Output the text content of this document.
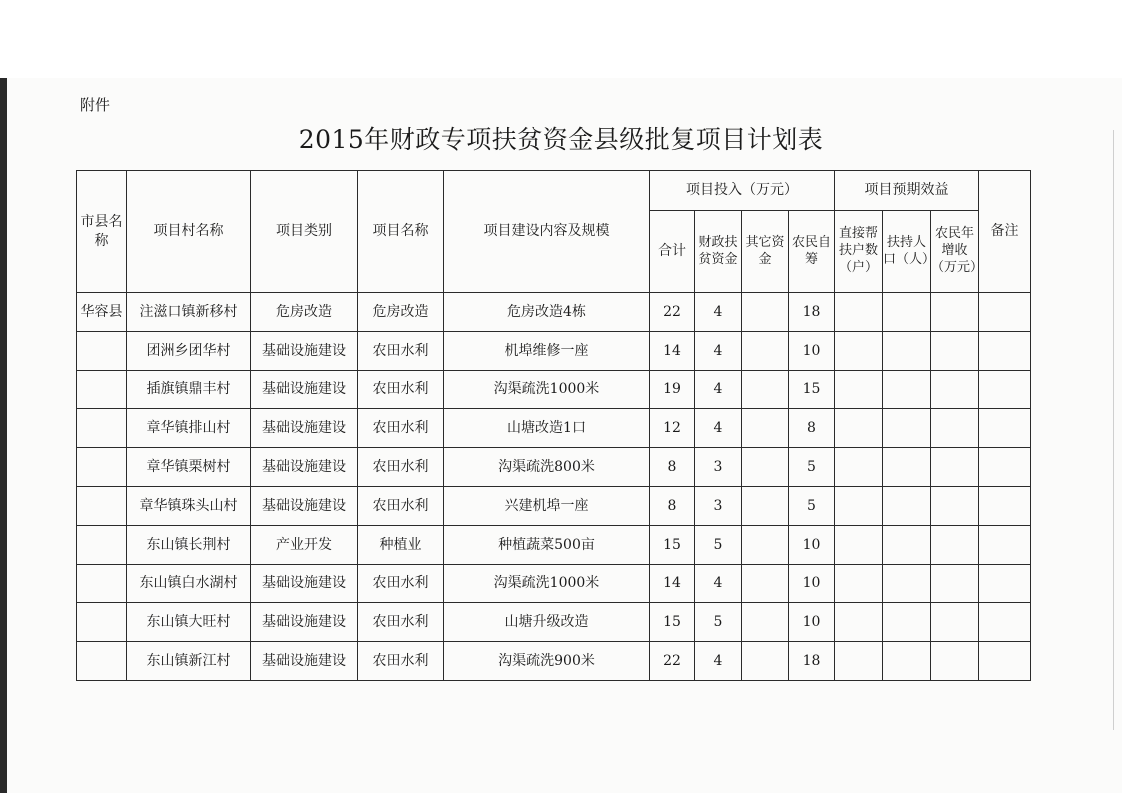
附件
2015年财政专项扶贫资金县级批复项目计划表
市县名称	项目村名称	项目类别	项目名称	项目建设内容及规模	项目投入（万元）				项目预期效益			备注
					合计	财政扶贫资金	其它资金	农民自筹	直接帮扶户数（户）	扶持人口（人）	农民年增收（万元）	
华容县	注滋口镇新移村	危房改造	危房改造	危房改造4栋	22	4		18				
	团洲乡团华村	基础设施建设	农田水利	机埠维修一座	14	4		10				
	插旗镇鼎丰村	基础设施建设	农田水利	沟渠疏洗1000米	19	4		15				
	章华镇排山村	基础设施建设	农田水利	山塘改造1口	12	4		8				
	章华镇栗树村	基础设施建设	农田水利	沟渠疏洗800米	8	3		5				
	章华镇珠头山村	基础设施建设	农田水利	兴建机埠一座	8	3		5				
	东山镇长荆村	产业开发	种植业	种植蔬菜500亩	15	5		10				
	东山镇白水湖村	基础设施建设	农田水利	沟渠疏洗1000米	14	4		10				
	东山镇大旺村	基础设施建设	农田水利	山塘升级改造	15	5		10				
	东山镇新江村	基础设施建设	农田水利	沟渠疏洗900米	22	4		18				
